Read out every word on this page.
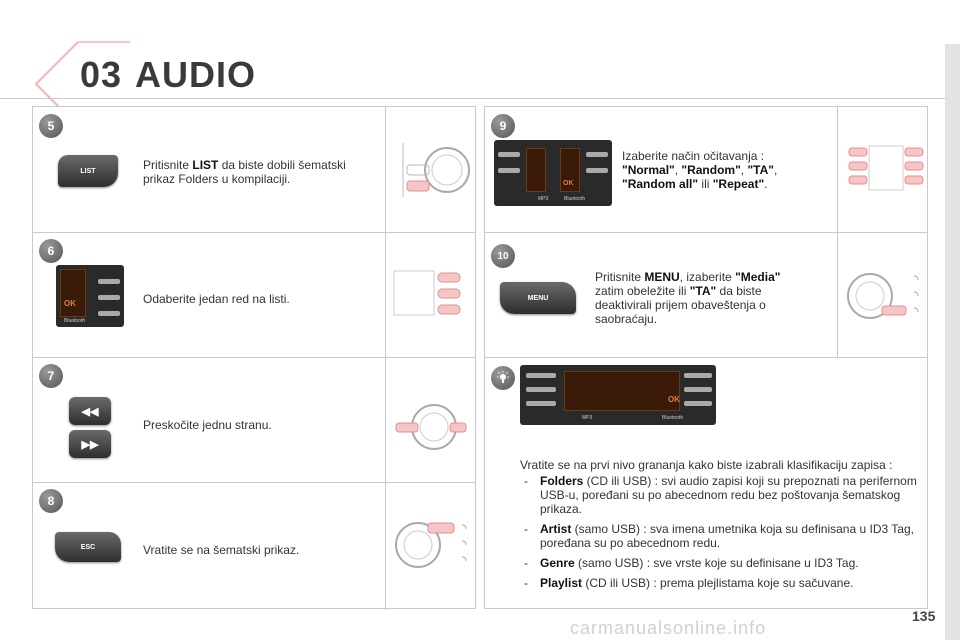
03 AUDIO
5
LIST	Pritisnite LIST da biste dobili šematski prikaz Folders u kompilaciji.
6
OK
Bluetooth
Odaberite jedan red na listi.
7
◀◀
▶▶
Preskočite jednu stranu.
8
ESC	Vratite se na šematski prikaz.
9
OK
MP3	Bluetooth
Izaberite način očitavanja : "Normal", "Random", "TA", "Random all" ili "Repeat".
10
MENU
Pritisnite MENU, izaberite "Media" zatim obeležite ili "TA" da biste deaktivirali prijem obaveštenja o saobraćaju.
OK
MP3	Bluetooth
Vratite se na prvi nivo grananja kako biste izabrali klasifikaciju zapisa :
- Folders (CD ili USB) : svi audio zapisi koji su prepoznati na perifernom USB-u, poređani su po abecednom redu bez poštovanja šematskog prikaza.
- Artist (samo USB) : sva imena umetnika koja su definisana u ID3 Tag, poređana su po abecednom redu.
- Genre (samo USB) : sve vrste koje su definisane u ID3 Tag.
- Playlist (CD ili USB) : prema plejlistama koje su sačuvane.
135
carmanualsonline.info
